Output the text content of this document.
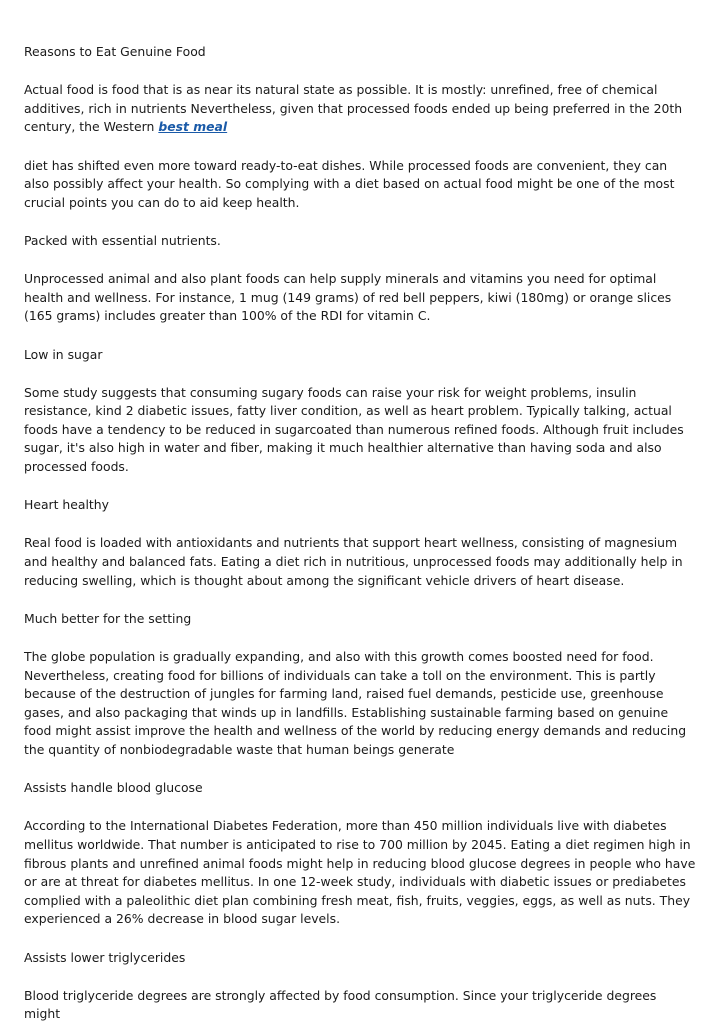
Reasons to Eat Genuine Food

Actual food is food that is as near its natural state as possible. It is mostly: unrefined, free of chemical additives, rich in nutrients Nevertheless, given that processed foods ended up being preferred in the 20th century, the Western best meal

diet has shifted even more toward ready-to-eat dishes. While processed foods are convenient, they can also possibly affect your health. So complying with a diet based on actual food might be one of the most crucial points you can do to aid keep health.

Packed with essential nutrients.

Unprocessed animal and also plant foods can help supply minerals and vitamins you need for optimal health and wellness. For instance, 1 mug (149 grams) of red bell peppers, kiwi (180mg) or orange slices (165 grams) includes greater than 100% of the RDI for vitamin C.

Low in sugar

Some study suggests that consuming sugary foods can raise your risk for weight problems, insulin resistance, kind 2 diabetic issues, fatty liver condition, as well as heart problem. Typically talking, actual foods have a tendency to be reduced in sugarcoated than numerous refined foods. Although fruit includes sugar, it's also high in water and fiber, making it much healthier alternative than having soda and also processed foods.

Heart healthy

Real food is loaded with antioxidants and nutrients that support heart wellness, consisting of magnesium and healthy and balanced fats. Eating a diet rich in nutritious, unprocessed foods may additionally help in reducing swelling, which is thought about among the significant vehicle drivers of heart disease.

Much better for the setting

The globe population is gradually expanding, and also with this growth comes boosted need for food. Nevertheless, creating food for billions of individuals can take a toll on the environment. This is partly because of the destruction of jungles for farming land, raised fuel demands, pesticide use, greenhouse gases, and also packaging that winds up in landfills. Establishing sustainable farming based on genuine food might assist improve the health and wellness of the world by reducing energy demands and reducing the quantity of nonbiodegradable waste that human beings generate

Assists handle blood glucose

According to the International Diabetes Federation, more than 450 million individuals live with diabetes mellitus worldwide. That number is anticipated to rise to 700 million by 2045. Eating a diet regimen high in fibrous plants and unrefined animal foods might help in reducing blood glucose degrees in people who have or are at threat for diabetes mellitus. In one 12-week study, individuals with diabetic issues or prediabetes complied with a paleolithic diet plan combining fresh meat, fish, fruits, veggies, eggs, as well as nuts. They experienced a 26% decrease in blood sugar levels.

Assists lower triglycerides

Blood triglyceride degrees are strongly affected by food consumption. Since your triglyceride degrees might
